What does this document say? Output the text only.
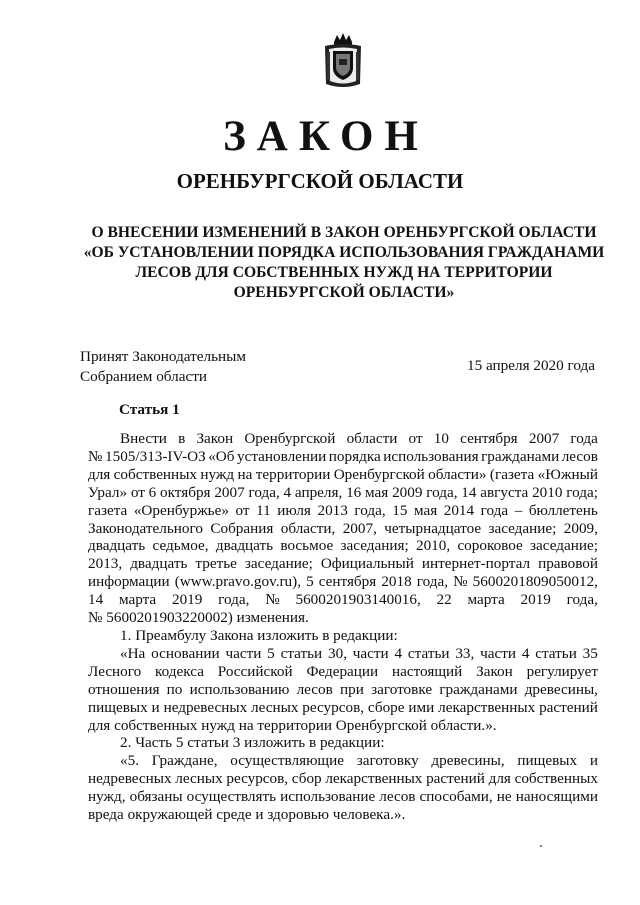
ЗАКОН
ОРЕНБУРГСКОЙ ОБЛАСТИ
О ВНЕСЕНИИ ИЗМЕНЕНИЙ В ЗАКОН ОРЕНБУРГСКОЙ ОБЛАСТИ
«ОБ УСТАНОВЛЕНИИ ПОРЯДКА ИСПОЛЬЗОВАНИЯ ГРАЖДАНАМИ
ЛЕСОВ ДЛЯ СОБСТВЕННЫХ НУЖД НА ТЕРРИТОРИИ
ОРЕНБУРГСКОЙ ОБЛАСТИ»
Принят Законодательным
Собранием области
15 апреля 2020 года
Статья 1
Внести в Закон Оренбургской области от 10 сентября 2007 года
№ 1505/313-IV-ОЗ «Об установлении порядка использования гражданами лесов
для собственных нужд на территории Оренбургской области» (газета «Южный
Урал» от 6 октября 2007 года, 4 апреля, 16 мая 2009 года, 14 августа 2010 года;
газета «Оренбуржье» от 11 июля 2013 года, 15 мая 2014 года – бюллетень
Законодательного Собрания области, 2007, четырнадцатое заседание; 2009,
двадцать седьмое, двадцать восьмое заседания; 2010, сороковое заседание;
2013, двадцать третье заседание; Официальный интернет-портал правовой
информации (www.pravo.gov.ru), 5 сентября 2018 года, № 5600201809050012,
14 марта 2019 года, № 5600201903140016, 22 марта 2019 года,
№ 5600201903220002) изменения.
1. Преамбулу Закона изложить в редакции:
«На основании части 5 статьи 30, части 4 статьи 33, части 4 статьи 35
Лесного кодекса Российской Федерации настоящий Закон регулирует
отношения по использованию лесов при заготовке гражданами древесины,
пищевых и недревесных лесных ресурсов, сборе ими лекарственных растений
для собственных нужд на территории Оренбургской области.».
2. Часть 5 статьи 3 изложить в редакции:
«5. Граждане, осуществляющие заготовку древесины, пищевых и
недревесных лесных ресурсов, сбор лекарственных растений для собственных
нужд, обязаны осуществлять использование лесов способами, не наносящими
вреда окружающей среде и здоровью человека.».
